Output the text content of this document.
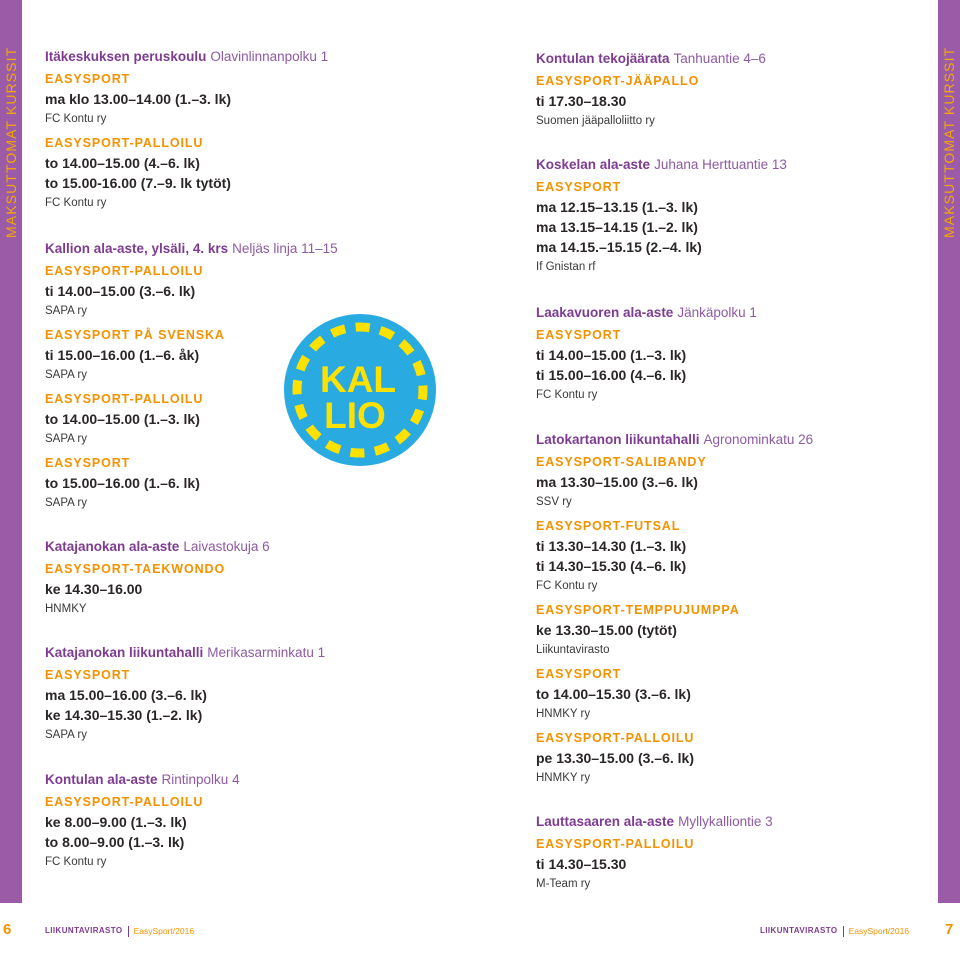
MAKSUTTOMAT KURSSIT	MAKSUTTOMAT KURSSIT
Itäkeskuksen peruskoulu Olavinlinnanpolku 1
EASYSPORT
ma klo 13.00–14.00 (1.–3. lk)
FC Kontu ry
EASYSPORT-PALLOILU
to 14.00–15.00 (4.–6. lk)
to 15.00-16.00 (7.–9. lk tytöt)
FC Kontu ry
Kallion ala-aste, ylsäli, 4. krs Neljäs linja 11–15
EASYSPORT-PALLOILU
ti 14.00–15.00 (3.–6. lk)
SAPA ry
EASYSPORT PÅ SVENSKA
ti 15.00–16.00 (1.–6. åk)
SAPA ry
EASYSPORT-PALLOILU
to 14.00–15.00 (1.–3. lk)
SAPA ry
EASYSPORT
to 15.00–16.00 (1.–6. lk)
SAPA ry
Katajanokan ala-aste Laivastokuja 6
EASYSPORT-TAEKWONDO
ke 14.30–16.00
HNMKY
Katajanokan liikuntahalli Merikasarminkatu 1
EASYSPORT
ma 15.00–16.00 (3.–6. lk)
ke 14.30–15.30 (1.–2. lk)
SAPA ry
Kontulan ala-aste Rintinpolku 4
EASYSPORT-PALLOILU
ke 8.00–9.00 (1.–3. lk)
to 8.00–9.00 (1.–3. lk)
FC Kontu ry
KAL
LIO
Kontulan tekojäärata Tanhuantie 4–6
EASYSPORT-JÄÄPALLO
ti 17.30–18.30
Suomen jääpalloliitto ry
Koskelan ala-aste Juhana Herttuantie 13
EASYSPORT
ma 12.15–13.15 (1.–3. lk)
ma 13.15–14.15 (1.–2. lk)
ma 14.15.–15.15 (2.–4. lk)
If Gnistan rf
Laakavuoren ala-aste Jänkäpolku 1
EASYSPORT
ti 14.00–15.00 (1.–3. lk)
ti 15.00–16.00 (4.–6. lk)
FC Kontu ry
Latokartanon liikuntahalli Agronominkatu 26
EASYSPORT-SALIBANDY
ma 13.30–15.00 (3.–6. lk)
SSV ry
EASYSPORT-FUTSAL
ti 13.30–14.30 (1.–3. lk)
ti 14.30–15.30 (4.–6. lk)
FC Kontu ry
EASYSPORT-TEMPPUJUMPPA
ke 13.30–15.00 (tytöt)
Liikuntavirasto
EASYSPORT
to 14.00–15.30 (3.–6. lk)
HNMKY ry
EASYSPORT-PALLOILU
pe 13.30–15.00 (3.–6. lk)
HNMKY ry
Lauttasaaren ala-aste Myllykalliontie 3
EASYSPORT-PALLOILU
ti 14.30–15.30
M-Team ry
6	LIIKUNTAVIRASTO EasySport/2016	LIIKUNTAVIRASTO EasySport/2016 7
